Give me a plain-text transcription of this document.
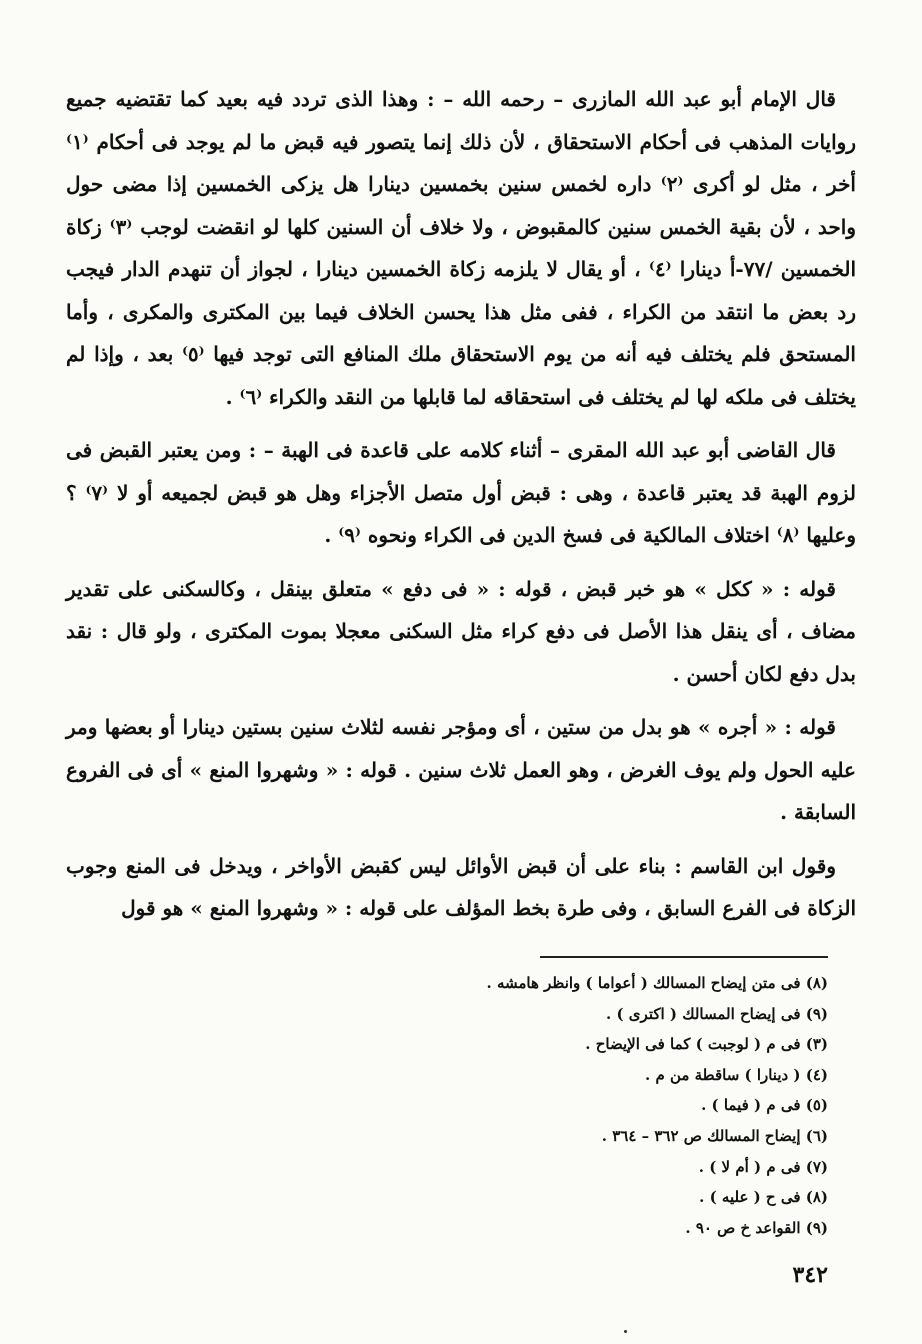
قال الإمام أبو عبد الله المازرى – رحمه الله – : وهذا الذى تردد فيه بعيد كما تقتضيه جميع روايات المذهب فى أحكام الاستحقاق ، لأن ذلك إنما يتصور فيه قبض ما لم يوجد فى أحكام ⁽١⁾ أخر ، مثل لو أكرى ⁽٢⁾ داره لخمس سنين بخمسين دينارا هل يزكى الخمسين إذا مضى حول واحد ، لأن بقية الخمس سنين كالمقبوض ، ولا خلاف أن السنين كلها لو انقضت لوجب ⁽٣⁾ زكاة الخمسين /٧٧-أ دينارا ⁽٤⁾ ، أو يقال لا يلزمه زكاة الخمسين دينارا ، لجواز أن تنهدم الدار فيجب رد بعض ما انتقد من الكراء ، ففى مثل هذا يحسن الخلاف فيما بين المكترى والمكرى ، وأما المستحق فلم يختلف فيه أنه من يوم الاستحقاق ملك المنافع التى توجد فيها ⁽٥⁾ بعد ، وإذا لم يختلف فى ملكه لها لم يختلف فى استحقاقه لما قابلها من النقد والكراء ⁽٦⁾ .

قال القاضى أبو عبد الله المقرى – أثناء كلامه على قاعدة فى الهبة – : ومن يعتبر القبض فى لزوم الهبة قد يعتبر قاعدة ، وهى : قبض أول متصل الأجزاء وهل هو قبض لجميعه أو لا ⁽٧⁾ ؟ وعليها ⁽٨⁾ اختلاف المالكية فى فسخ الدين فى الكراء ونحوه ⁽٩⁾ .

قوله : « ككل » هو خبر قبض ، قوله : « فى دفع » متعلق بينقل ، وكالسكنى على تقدير مضاف ، أى ينقل هذا الأصل فى دفع كراء مثل السكنى معجلا بموت المكترى ، ولو قال : نقد بدل دفع لكان أحسن .

قوله : « أجره » هو بدل من ستين ، أى ومؤجر نفسه لثلاث سنين بستين دينارا أو بعضها ومر عليه الحول ولم يوف الغرض ، وهو العمل ثلاث سنين . قوله : « وشهروا المنع » أى فى الفروع السابقة .

وقول ابن القاسم : بناء على أن قبض الأوائل ليس كقبض الأواخر ، ويدخل فى المنع وجوب الزكاة فى الفرع السابق ، وفى طرة بخط المؤلف على قوله : « وشهروا المنع » هو قول

(٨) فى متن إيضاح المسالك ( أعواما ) وانظر هامشه .
(٩) فى إيضاح المسالك ( اكترى ) .
(٣) فى م ( لوجبت ) كما فى الإيضاح .
(٤) ( دينارا ) ساقطة من م .
(٥) فى م ( فيما ) .
(٦) إيضاح المسالك ص ٣٦٢ – ٣٦٤ .
(٧) فى م ( أم لا ) .
(٨) فى ح ( عليه ) .
(٩) القواعد خ ص ٩٠ .
٣٤٢
